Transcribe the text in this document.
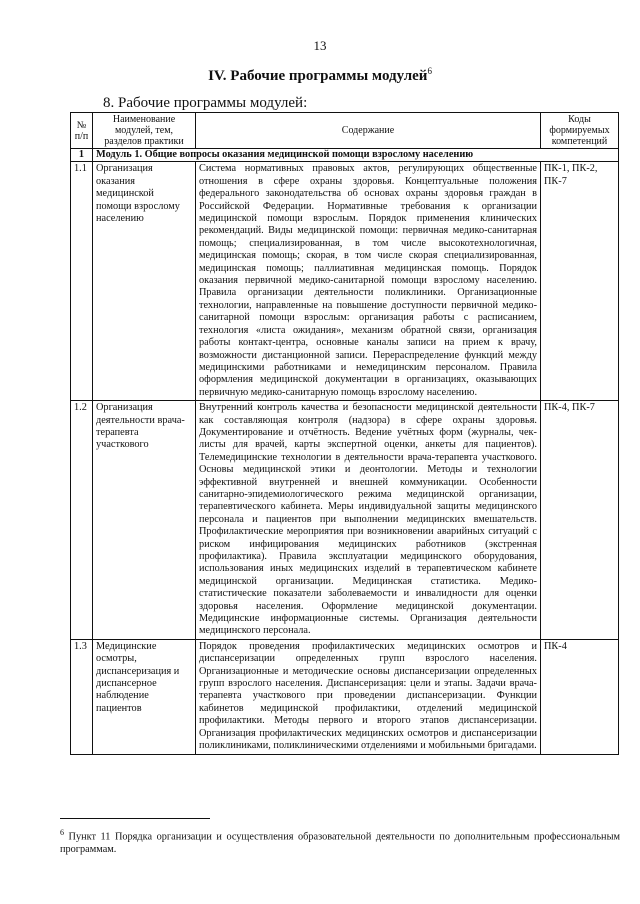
13
IV. Рабочие программы модулей$^6$
8. Рабочие программы модулей:
№ п/п	Наименование модулей, тем, разделов практики	Содержание	Коды формируемых компетенций
1	Модуль 1. Общие вопросы оказания медицинской помощи взрослому населению		
1.1	Организация оказания медицинской помощи взрослому населению	Система нормативных правовых актов, регулирующих общественные отношения в сфере охраны здоровья. Концептуальные положения федерального законодательства об основах охраны здоровья граждан в Российской Федерации. Нормативные требования к организации медицинской помощи взрослым. Порядок применения клинических рекомендаций. Виды медицинской помощи: первичная медико-санитарная помощь; специализированная, в том числе высокотехнологичная, медицинская помощь; скорая, в том числе скорая специализированная, медицинская помощь; паллиативная медицинская помощь. Порядок оказания первичной медико-санитарной помощи взрослому населению. Правила организации деятельности поликлиники. Организационные технологии, направленные на повышение доступности первичной медико-санитарной помощи взрослым: организация работы с расписанием, технология «листа ожидания», механизм обратной связи, организация работы контакт-центра, основные каналы записи на прием к врачу, возможности дистанционной записи. Перераспределение функций между медицинскими работниками и немедицинским персоналом. Правила оформления медицинской документации в организациях, оказывающих первичную медико-санитарную помощь взрослому населению.	ПК-1, ПК-2, ПК-7
1.2	Организация деятельности врача-терапевта участкового	Внутренний контроль качества и безопасности медицинской деятельности как составляющая контроля (надзора) в сфере охраны здоровья. Документирование и отчётность. Ведение учётных форм (журналы, чек-листы для врачей, карты экспертной оценки, анкеты для пациентов). Телемедицинские технологии в деятельности врача-терапевта участкового. Основы медицинской этики и деонтологии. Методы и технологии эффективной внутренней и внешней коммуникации. Особенности санитарно-эпидемиологического режима медицинской организации, терапевтического кабинета. Меры индивидуальной защиты медицинского персонала и пациентов при выполнении медицинских вмешательств. Профилактические мероприятия при возникновении аварийных ситуаций с риском инфицирования медицинских работников (экстренная профилактика). Правила эксплуатации медицинского оборудования, использования иных медицинских изделий в терапевтическом кабинете медицинской организации. Медицинская статистика. Медико-статистические показатели заболеваемости и инвалидности для оценки здоровья населения. Оформление медицинской документации. Медицинские информационные системы. Организация деятельности медицинского персонала.	ПК-4, ПК-7
1.3	Медицинские осмотры, диспансеризация и диспансерное наблюдение пациентов	Порядок проведения профилактических медицинских осмотров и диспансеризации определенных групп взрослого населения. Организационные и методические основы диспансеризации определенных групп взрослого населения. Диспансеризация: цели и этапы. Задачи врача-терапевта участкового при проведении диспансеризации. Функции кабинетов медицинской профилактики, отделений медицинской профилактики. Методы первого и второго этапов диспансеризации. Организация профилактических медицинских осмотров и диспансеризации поликлиниками, поликлиническими отделениями и мобильными бригадами.	ПК-4
$^6$ Пункт 11 Порядка организации и осуществления образовательной деятельности по дополнительным профессиональным программам.
